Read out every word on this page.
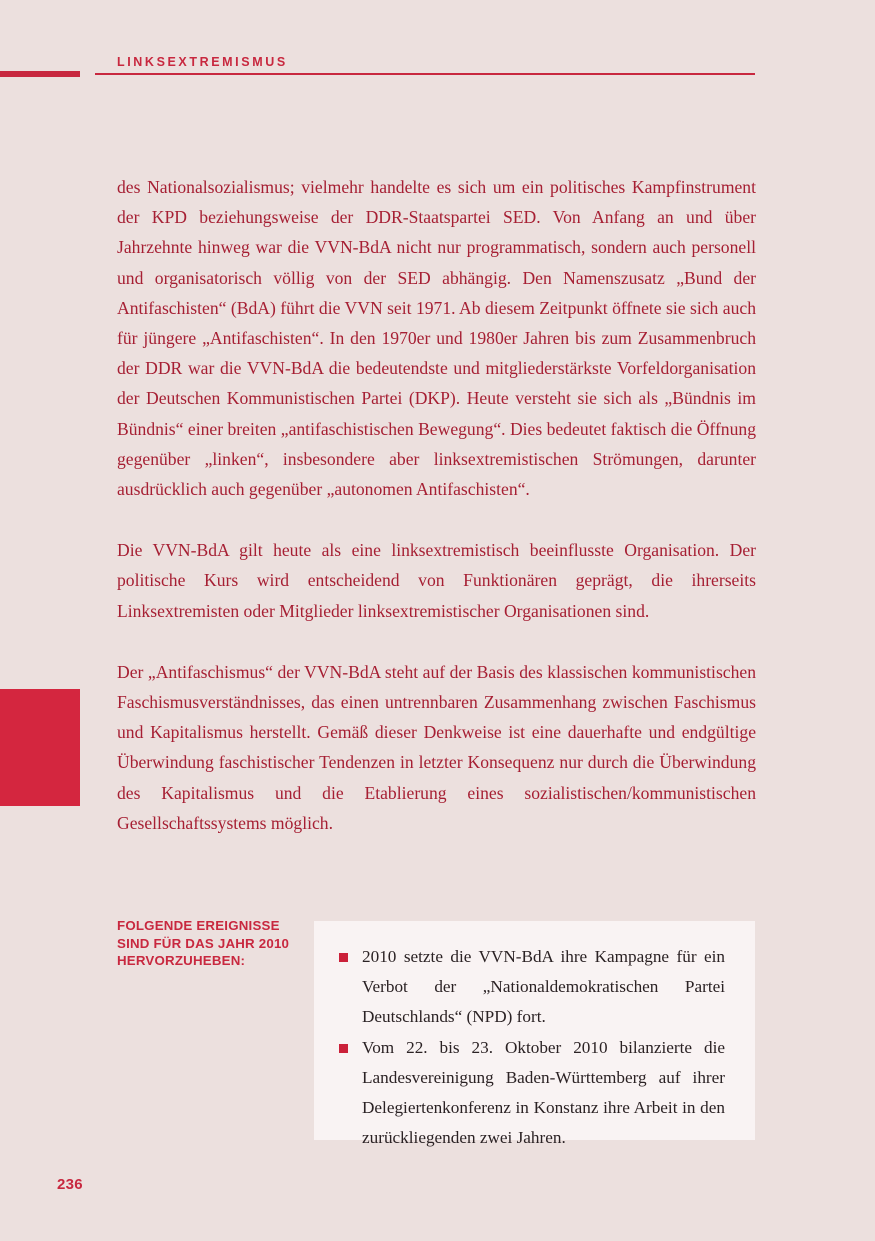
LINKSEXTREMISMUS

des Nationalsozialismus; vielmehr handelte es sich um ein politisches Kampfinstrument der KPD beziehungsweise der DDR-Staatspartei SED. Von Anfang an und über Jahrzehnte hinweg war die VVN-BdA nicht nur programmatisch, sondern auch personell und organisatorisch völlig von der SED abhängig. Den Namenszusatz „Bund der Antifaschisten“ (BdA) führt die VVN seit 1971. Ab diesem Zeitpunkt öffnete sie sich auch für jüngere „Antifaschisten“. In den 1970er und 1980er Jahren bis zum Zusammenbruch der DDR war die VVN-BdA die bedeutendste und mitgliederstärkste Vorfeldorganisation der Deutschen Kommunistischen Partei (DKP). Heute versteht sie sich als „Bündnis im Bündnis“ einer breiten „antifaschistischen Bewegung“. Dies bedeutet faktisch die Öffnung gegenüber „linken“, insbesondere aber linksextremistischen Strömungen, darunter ausdrücklich auch gegenüber „autonomen Antifaschisten“.

Die VVN-BdA gilt heute als eine linksextremistisch beeinflusste Organisation. Der politische Kurs wird entscheidend von Funktionären geprägt, die ihrerseits Linksextremisten oder Mitglieder linksextremistischer Organisationen sind.

Der „Antifaschismus“ der VVN-BdA steht auf der Basis des klassischen kommunistischen Faschismusverständnisses, das einen untrennbaren Zusammenhang zwischen Faschismus und Kapitalismus herstellt. Gemäß dieser Denkweise ist eine dauerhafte und endgültige Überwindung faschistischer Tendenzen in letzter Konsequenz nur durch die Überwindung des Kapitalismus und die Etablierung eines sozialistischen/kommunistischen Gesellschaftssystems möglich.

FOLGENDE EREIGNISSE SIND FÜR DAS JAHR 2010 HERVORZUHEBEN:	2010 setzte die VVN-BdA ihre Kampagne für ein Verbot der „Nationaldemokratischen Partei Deutschlands“ (NPD) fort.
Vom 22. bis 23. Oktober 2010 bilanzierte die Landesvereinigung Baden-Württemberg auf ihrer Delegiertenkonferenz in Konstanz ihre Arbeit in den zurückliegenden zwei Jahren.
236
